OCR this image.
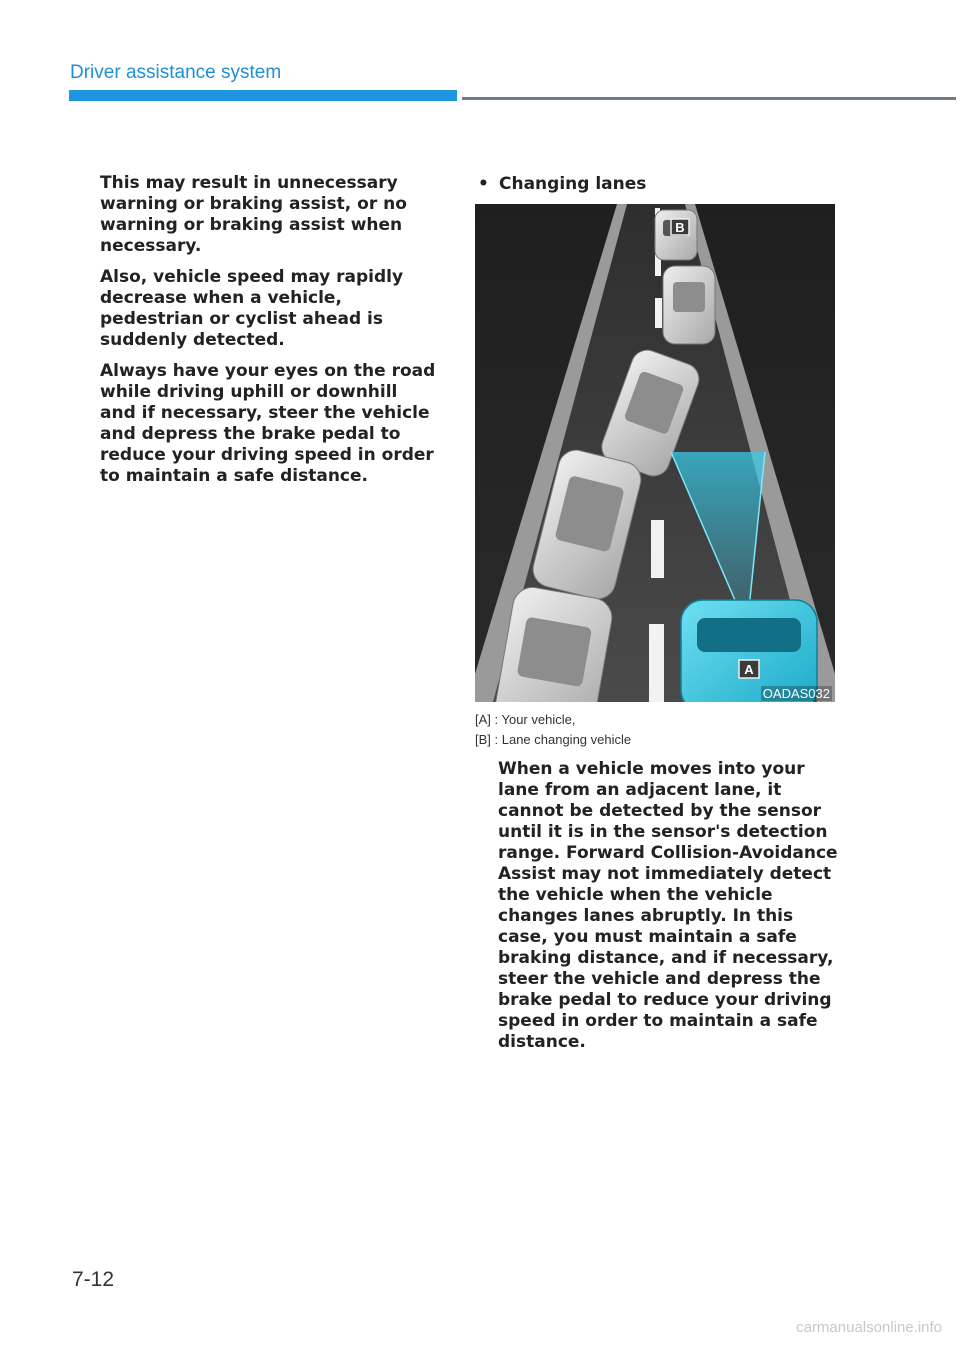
Driver assistance system

This may result in unnecessary warning or braking assist, or no warning or braking assist when necessary.

Also, vehicle speed may rapidly decrease when a vehicle, pedestrian or cyclist ahead is suddenly detected.

Always have your eyes on the road while driving uphill or downhill and if necessary, steer the vehicle and depress the brake pedal to reduce your driving speed in order to maintain a safe distance.

• Changing lanes
B
A
OADAS032
[A] : Your vehicle,
[B] : Lane changing vehicle

When a vehicle moves into your lane from an adjacent lane, it cannot be detected by the sensor until it is in the sensor's detection range. Forward Collision-Avoidance Assist may not immediately detect the vehicle when the vehicle changes lanes abruptly. In this case, you must maintain a safe braking distance, and if necessary, steer the vehicle and depress the brake pedal to reduce your driving speed in order to maintain a safe distance.

7-12
carmanualsonline.info
